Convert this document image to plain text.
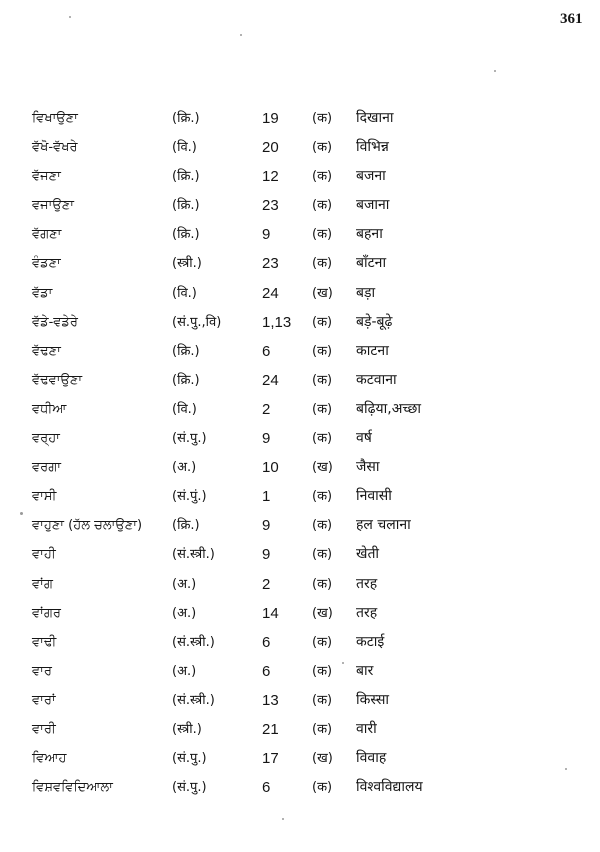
361
ਵਿਖਾਉਣਾ	(क्रि.)	19	(क) दिखाना
ਵੱਖੋ-ਵੱਖਰੇ	(वि.)	20	(क) विभिन्न
ਵੱਜਣਾ	(क्रि.)	12	(क) बजना
ਵਜਾਉਣਾ	(क्रि.)	23	(क) बजाना
ਵੱਗਣਾ	(क्रि.)	9	(क) बहना
ਵੰਡਣਾ	(स्त्री.)	23	(क) बाँटना
ਵੱਡਾ	(वि.)	24	(ख) बड़ा
ਵੱਡੇ-ਵਡੇਰੇ	(सं.पु.,वि)	1,13 (क) बड़े-बूढ़े
ਵੱਢਣਾ	(क्रि.)	6	(क) काटना
ਵੱਢਵਾਉਣਾ	(क्रि.)	24	(क) कटवाना
ਵਧੀਆ	(वि.)	2	(क) बढ़िया,अच्छा
ਵਰ੍ਹਾ	(सं.पु.)	9	(क) वर्ष
ਵਰਗਾ	(अ.)	10	(ख) जैसा
ਵਾਸੀ	(सं.पुं.)	1	(क) निवासी
ਵਾਹੁਣਾ (ਹੱਲ ਚਲਾਉਣਾ) (क्रि.)	9	(क) हल चलाना
ਵਾਹੀ	(सं.स्त्री.)	9	(क) खेती
ਵਾਂਗ	(अ.)	2	(क) तरह
ਵਾਂਗਰ	(अ.)	14	(ख) तरह
ਵਾਢੀ	(सं.स्त्री.)	6	(क) कटाई
ਵਾਰ	(अ.)	6	(क) बार
ਵਾਰਾਂ	(सं.स्त्री.)	13	(क) किस्सा
ਵਾਰੀ	(स्त्री.)	21	(क) वारी
ਵਿਆਹ	(सं.पु.)	17	(ख) विवाह
ਵਿਸ਼ਵਵਿਦਿਆਲਾ	(सं.पु.)	6	(क) विश्वविद्यालय
